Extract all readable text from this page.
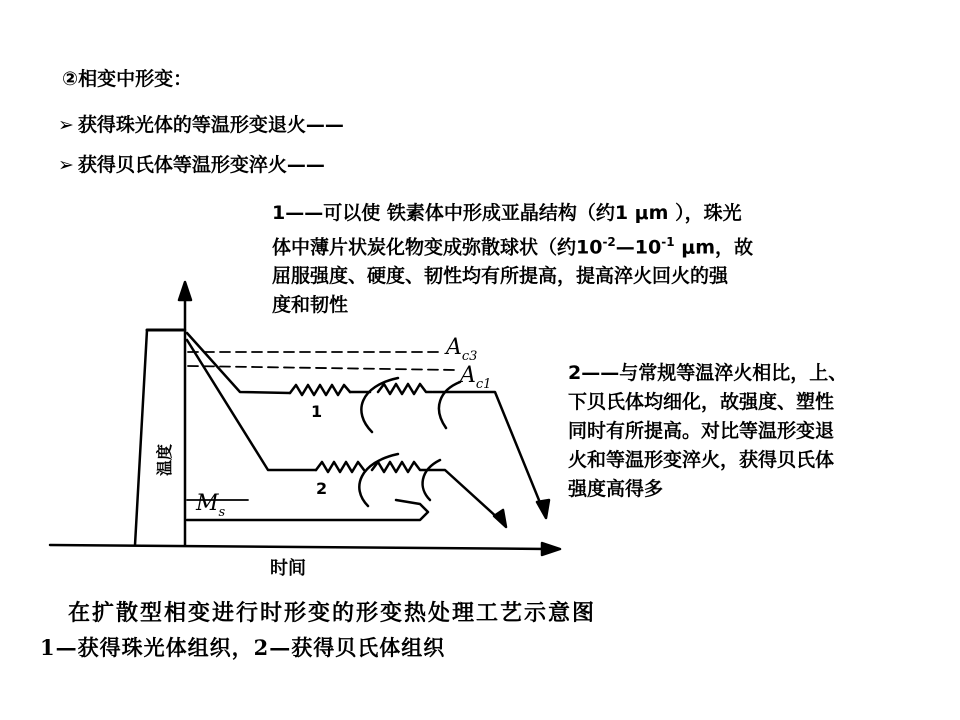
②相变中形变：
➢ 获得珠光体的等温形变退火——
➢ 获得贝氏体等温形变淬火——
1——可以使 铁素体中形成亚晶结构（约1 μm ），珠光
体中薄片状炭化物变成弥散球状（约$10^{-2}—10^{-1}$ μm，故
屈服强度、硬度、韧性均有所提高，提高淬火回火的强
度和韧性
2——与常规等温淬火相比，上、
下贝氏体均细化，故强度、塑性
同时有所提高。对比等温形变退
火和等温形变淬火，获得贝氏体
强度高得多
$A_{c3}$
$A_{c1}$
$M_s$
1
2
温度
时间
在扩散型相变进行时形变的形变热处理工艺示意图
1—获得珠光体组织，2—获得贝氏体组织
